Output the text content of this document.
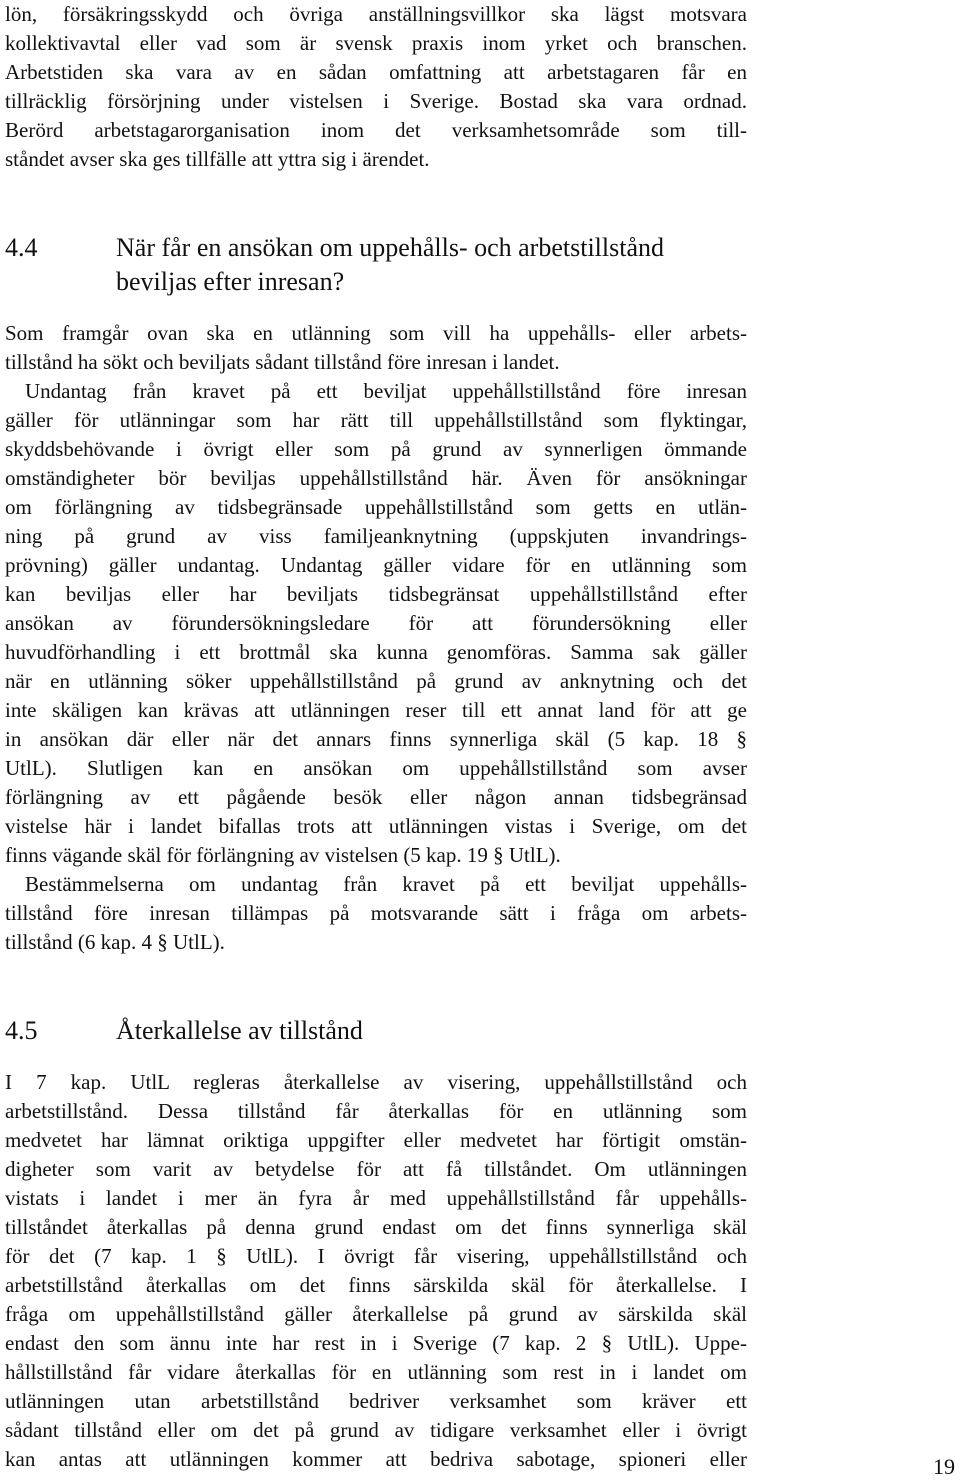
lön, försäkringsskydd och övriga anställningsvillkor ska lägst motsvara
kollektivavtal eller vad som är svensk praxis inom yrket och branschen.
Arbetstiden ska vara av en sådan omfattning att arbetstagaren får en
tillräcklig försörjning under vistelsen i Sverige. Bostad ska vara ordnad.
Berörd arbetstagarorganisation inom det verksamhetsområde som till-
ståndet avser ska ges tillfälle att yttra sig i ärendet.
4.4	När får en ansökan om uppehålls- och arbetstillstånd
beviljas efter inresan?
Som framgår ovan ska en utlänning som vill ha uppehålls- eller arbets-
tillstånd ha sökt och beviljats sådant tillstånd före inresan i landet.
Undantag från kravet på ett beviljat uppehållstillstånd före inresan
gäller för utlänningar som har rätt till uppehållstillstånd som flyktingar,
skyddsbehövande i övrigt eller som på grund av synnerligen ömmande
omständigheter bör beviljas uppehållstillstånd här. Även för ansökningar
om förlängning av tidsbegränsade uppehållstillstånd som getts en utlän-
ning på grund av viss familjeanknytning (uppskjuten invandrings-
prövning) gäller undantag. Undantag gäller vidare för en utlänning som
kan beviljas eller har beviljats tidsbegränsat uppehållstillstånd efter
ansökan av förundersökningsledare för att förundersökning eller
huvudförhandling i ett brottmål ska kunna genomföras. Samma sak gäller
när en utlänning söker uppehållstillstånd på grund av anknytning och det
inte skäligen kan krävas att utlänningen reser till ett annat land för att ge
in ansökan där eller när det annars finns synnerliga skäl (5 kap. 18 §
UtlL). Slutligen kan en ansökan om uppehållstillstånd som avser
förlängning av ett pågående besök eller någon annan tidsbegränsad
vistelse här i landet bifallas trots att utlänningen vistas i Sverige, om det
finns vägande skäl för förlängning av vistelsen (5 kap. 19 § UtlL).
Bestämmelserna om undantag från kravet på ett beviljat uppehålls-
tillstånd före inresan tillämpas på motsvarande sätt i fråga om arbets-
tillstånd (6 kap. 4 § UtlL).
4.5	Återkallelse av tillstånd
I 7 kap. UtlL regleras återkallelse av visering, uppehållstillstånd och
arbetstillstånd. Dessa tillstånd får återkallas för en utlänning som
medvetet har lämnat oriktiga uppgifter eller medvetet har förtigit omstän-
digheter som varit av betydelse för att få tillståndet. Om utlänningen
vistats i landet i mer än fyra år med uppehållstillstånd får uppehålls-
tillståndet återkallas på denna grund endast om det finns synnerliga skäl
för det (7 kap. 1 § UtlL). I övrigt får visering, uppehållstillstånd och
arbetstillstånd återkallas om det finns särskilda skäl för återkallelse. I
fråga om uppehållstillstånd gäller återkallelse på grund av särskilda skäl
endast den som ännu inte har rest in i Sverige (7 kap. 2 § UtlL). Uppe-
hållstillstånd får vidare återkallas för en utlänning som rest in i landet om
utlänningen utan arbetstillstånd bedriver verksamhet som kräver ett
sådant tillstånd eller om det på grund av tidigare verksamhet eller i övrigt
kan antas att utlänningen kommer att bedriva sabotage, spioneri eller	19
